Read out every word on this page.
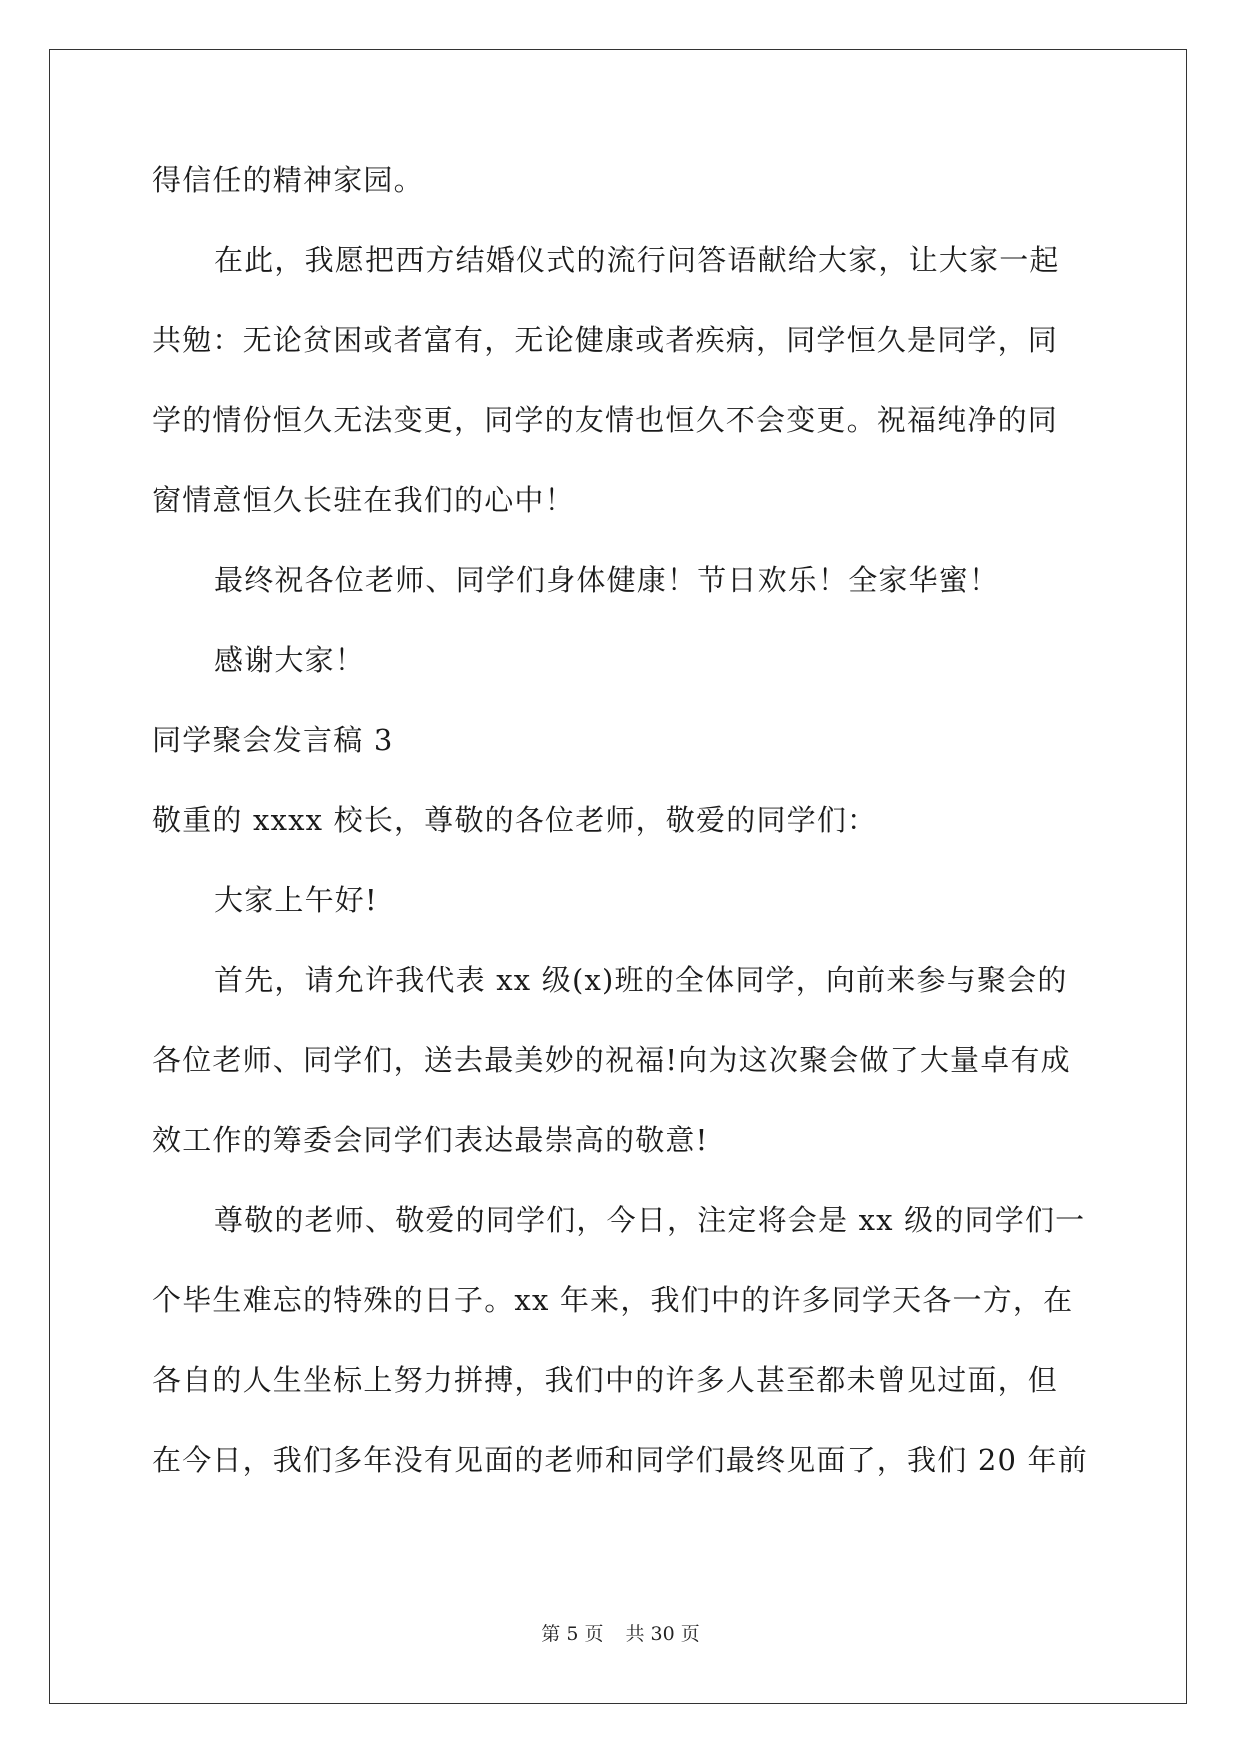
得信任的精神家园。
在此，我愿把西方结婚仪式的流行问答语献给大家，让大家一起
共勉：无论贫困或者富有，无论健康或者疾病，同学恒久是同学，同
学的情份恒久无法变更，同学的友情也恒久不会变更。祝福纯净的同
窗情意恒久长驻在我们的心中！
最终祝各位老师、同学们身体健康！节日欢乐！全家华蜜！
感谢大家！
同学聚会发言稿 3
敬重的 xxxx 校长，尊敬的各位老师，敬爱的同学们：
大家上午好!
首先，请允许我代表 xx 级(x)班的全体同学，向前来参与聚会的
各位老师、同学们，送去最美妙的祝福!向为这次聚会做了大量卓有成
效工作的筹委会同学们表达最崇高的敬意!
尊敬的老师、敬爱的同学们，今日，注定将会是 xx 级的同学们一
个毕生难忘的特殊的日子。xx 年来，我们中的许多同学天各一方，在
各自的人生坐标上努力拼搏，我们中的许多人甚至都未曾见过面，但
在今日，我们多年没有见面的老师和同学们最终见面了，我们 20 年前
第 5 页 共 30 页
